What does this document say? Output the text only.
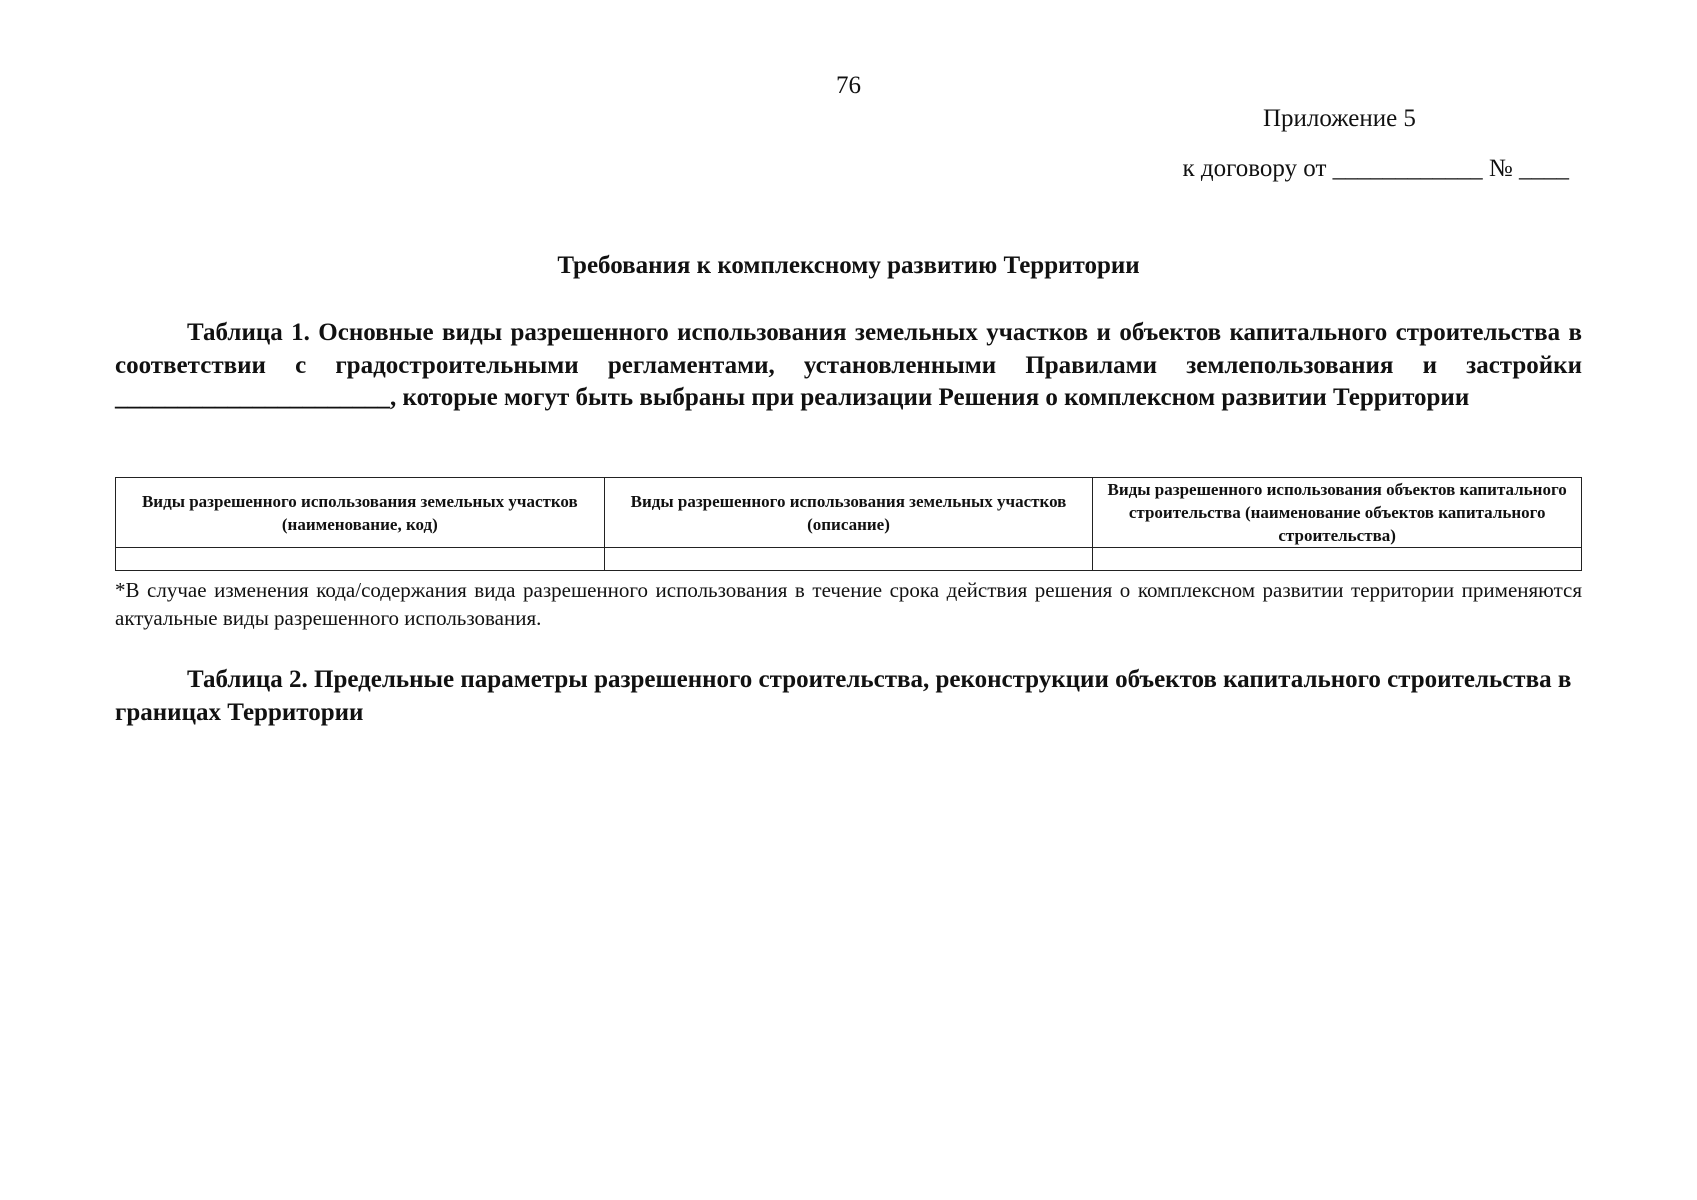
76
Приложение 5
к договору от ____________ № ____
Требования к комплексному развитию Территории
Таблица 1. Основные виды разрешенного использования земельных участков и объектов капитального строительства в соответствии с градостроительными регламентами, установленными Правилами землепользования и застройки ______________________, которые могут быть выбраны при реализации Решения о комплексном развитии Территории
Виды разрешенного использования земельных участков (наименование, код)	Виды разрешенного использования земельных участков (описание)	Виды разрешенного использования объектов капитального строительства (наименование объектов капитального строительства)

*В случае изменения кода/содержания вида разрешенного использования в течение срока действия решения о комплексном развитии территории применяются актуальные виды разрешенного использования.
Таблица 2. Предельные параметры разрешенного строительства, реконструкции объектов капитального строительства в границах Территории
